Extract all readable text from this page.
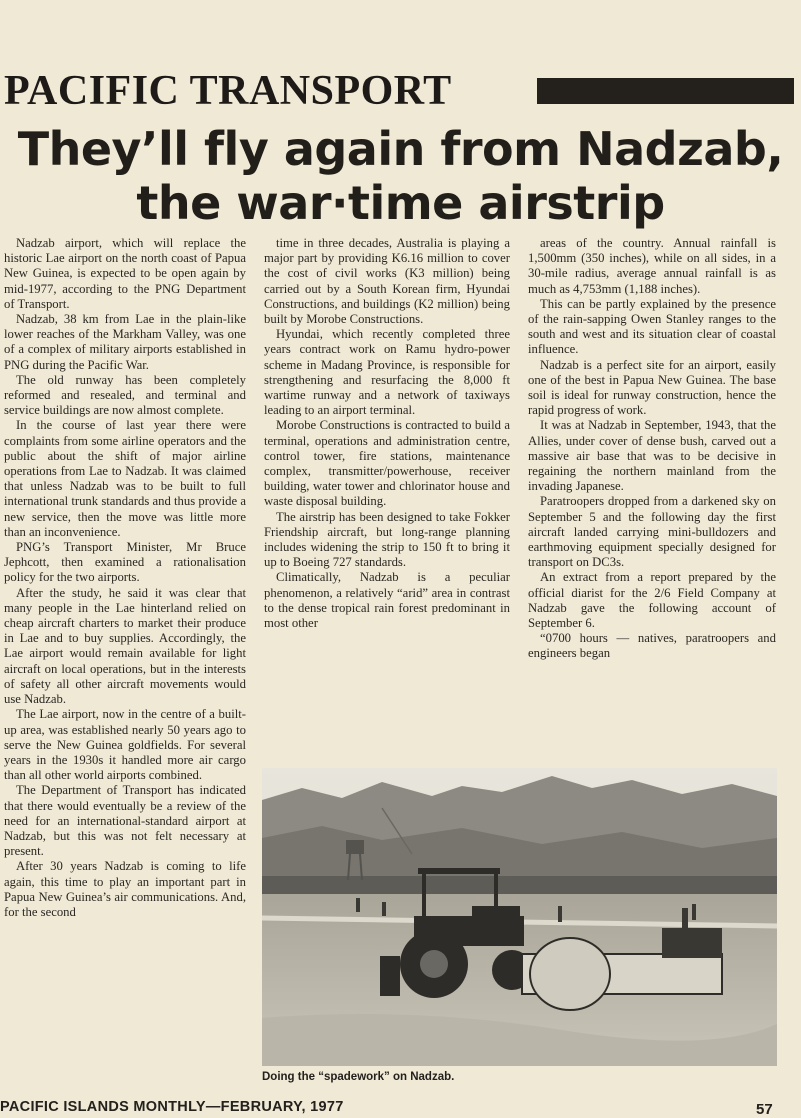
PACIFIC TRANSPORT
They’ll fly again from Nadzab,
the war·time airstrip

Nadzab airport, which will replace the historic Lae airport on the north coast of Papua New Guinea, is expected to be open again by mid-1977, according to the PNG Department of Transport.

Nadzab, 38 km from Lae in the plain-like lower reaches of the Markham Valley, was one of a complex of military airports established in PNG during the Pacific War.

The old runway has been completely reformed and resealed, and terminal and service buildings are now almost complete.

In the course of last year there were complaints from some airline operators and the public about the shift of major airline operations from Lae to Nadzab. It was claimed that unless Nadzab was to be built to full international trunk standards and thus provide a new service, then the move was little more than an inconvenience.

PNG’s Transport Minister, Mr Bruce Jephcott, then examined a rationalisation policy for the two airports.

After the study, he said it was clear that many people in the Lae hinterland relied on cheap aircraft charters to market their produce in Lae and to buy supplies. Accordingly, the Lae airport would remain available for light aircraft on local operations, but in the interests of safety all other aircraft movements would use Nadzab.

The Lae airport, now in the centre of a built-up area, was established nearly 50 years ago to serve the New Guinea goldfields. For several years in the 1930s it handled more air cargo than all other world airports combined.

The Department of Transport has indicated that there would eventually be a review of the need for an international-standard airport at Nadzab, but this was not felt necessary at present.

After 30 years Nadzab is coming to life again, this time to play an important part in Papua New Guinea’s air communications. And, for the second

time in three decades, Australia is playing a major part by providing K6.16 million to cover the cost of civil works (K3 million) being carried out by a South Korean firm, Hyundai Constructions, and buildings (K2 million) being built by Morobe Constructions.

Hyundai, which recently completed three years contract work on Ramu hydro-power scheme in Madang Province, is responsible for strengthening and resurfacing the 8,000 ft wartime runway and a network of taxiways leading to an airport terminal.

Morobe Constructions is contracted to build a terminal, operations and administration centre, control tower, fire stations, maintenance complex, transmitter/powerhouse, receiver building, water tower and chlorinator house and waste disposal building.

The airstrip has been designed to take Fokker Friendship aircraft, but long-range planning includes widening the strip to 150 ft to bring it up to Boeing 727 standards.

Climatically, Nadzab is a peculiar phenomenon, a relatively “arid” area in contrast to the dense tropical rain forest predominant in most other

areas of the country. Annual rainfall is 1,500mm (350 inches), while on all sides, in a 30-mile radius, average annual rainfall is as much as 4,753mm (1,188 inches).

This can be partly explained by the presence of the rain-sapping Owen Stanley ranges to the south and west and its situation clear of coastal influence.

Nadzab is a perfect site for an airport, easily one of the best in Papua New Guinea. The base soil is ideal for runway construction, hence the rapid progress of work.

It was at Nadzab in September, 1943, that the Allies, under cover of dense bush, carved out a massive air base that was to be decisive in regaining the northern mainland from the invading Japanese.

Paratroopers dropped from a darkened sky on September 5 and the following day the first aircraft landed carrying mini-bulldozers and earthmoving equipment specially designed for transport on DC3s.

An extract from a report prepared by the official diarist for the 2/6 Field Company at Nadzab gave the following account of September 6.

“0700 hours — natives, paratroopers and engineers began

Doing the “spadework” on Nadzab.
PACIFIC ISLANDS MONTHLY—FEBRUARY, 1977	57
